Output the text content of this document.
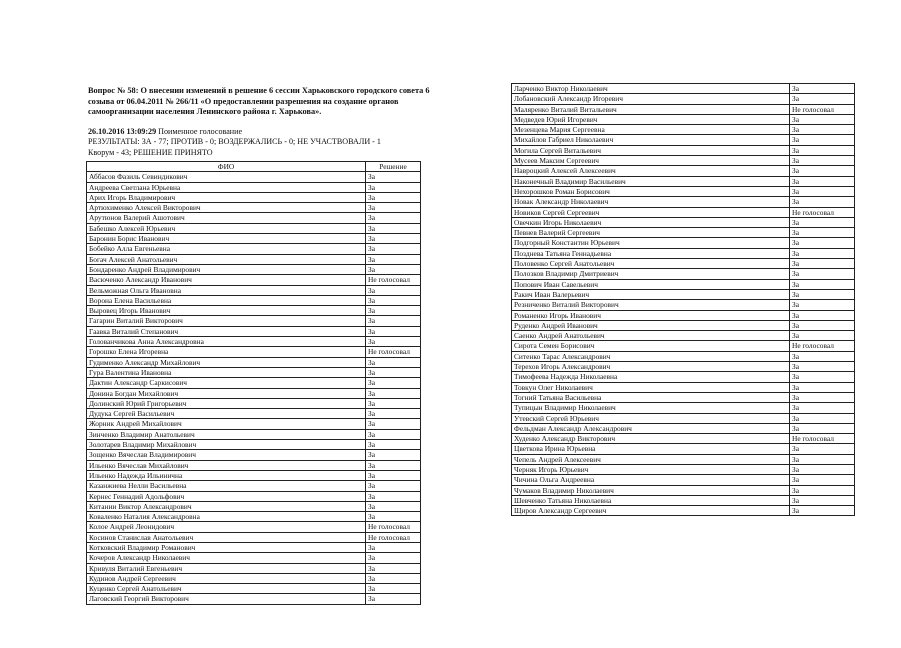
Вопрос № 58: О внесении изменений в решение 6 сессии Харьковского городского совета 6 созыва от 06.04.2011 № 266/11 «О предоставлении разрешения на создание органов самоорганизации населения Ленинского района г. Харькова».
26.10.2016 13:09:29 Поименное голосование
РЕЗУЛЬТАТЫ: ЗА - 77; ПРОТИВ - 0; ВОЗДЕРЖАЛИСЬ - 0; НЕ УЧАСТВОВАЛИ - 1
Кворум - 43; РЕШЕНИЕ ПРИНЯТО
ФИО	Решение
Аббасов Фазиль Севиндикович	За
Андреева Светлана Юрьевна	За
Арих Игорь Владимирович	За
Артюхименко Алексей Викторович	За
Арутюнов Валерий Ашотович	За
Бабешко Алексей Юрьевич	За
Баронин Борис Иванович	За
Бобейко Алла Евгеньевна	За
Богач Алексей Анатольевич	За
Бондаренко Андрей Владимирович	За
Васюченко Александр Иванович	Не голосовал
Вельможная Ольга Ивановна	За
Ворона Елена Васильевна	За
Выровец Игорь Иванович	За
Гагарин Виталий Викторович	За
Гаавка Виталий Степанович	За
Голованчикова Анна Александровна	За
Горошко Елена Игоревна	Не голосовал
Гудименко Александр Михайлович	За
Гура Валентина Ивановна	За
Дактин Александр Саркисович	За
Донина Богдан Михайлович	За
Долинский Юрий Григорьевич	За
Дудука Сергей Васильевич	За
Жорник Андрей Михайлович	За
Зинченко Владимир Анатольевич	За
Золотарев Владимир Михайлович	За
Зощенко Вячеслав Владимирович	За
Ильенко Вячеслав Михайлович	За
Ильенко Надежда Ильинична	За
Казанжиева Нелли Васильевна	За
Кернес Геннадий Адольфович	За
Китании Виктор Александрович	За
Коваленко Наталия Александровна	За
Колое Андрей Леонидович	Не голосовал
Косинов Станислав Анатольевич	Не голосовал
Котковский Владимир Романович	За
Кочеров Александр Николаевич	За
Кривуля Виталий Евгеньевич	За
Кудинов Андрей Сергеевич	За
Куценко Сергей Анатольевич	За
Лаговский Георгий Викторович	За
Ларченко Виктор Николаевич	За
Лобановский Александр Игоревич	За
Маляренко Виталий Витальевич	Не голосовал
Медведев Юрий Игоревич	За
Мезенцева Мария Сергеевна	За
Михайлов Габриел Николаевич	За
Могила Сергей Витальевич	За
Мусеев Максим Сергеевич	За
Навроцкий Алексей Алексеевич	За
Наконечный Владимир Васильевич	За
Нехорошков Роман Борисович	За
Новак Александр Николаевич	За
Новиков Сергей Сергеевич	Не голосовал
Овечкин Игорь Николаевич	За
Певнев Валерий Сергеевич	За
Подгорный Константин Юрьевич	За
Позднева Татьяна Геннадьевна	За
Половенко Сергей Анатольевич	За
Полозков Владимир Дмитриевич	За
Попович Иван Савельевич	За
Ракич Иван Валерьевич	За
Резниченко Виталий Викторович	За
Романенко Игорь Иванович	За
Руденко Андрей Иванович	За
Саенко Андрей Анатольевич	За
Сирота Семен Борисович	Не голосовал
Ситенко Тарас Александрович	За
Терехов Игорь Александрович	За
Тимофеева Надежда Николаевна	За
Товкун Олег Николаевич	За
Тогний Татьяна Васильевна	За
Тупицын Владимир Николаевич	За
Утевский Сергей Юрьевич	За
Фельдман Александр Александрович	За
Худенко Александр Викторович	Не голосовал
Цветкова Ирина Юрьевна	За
Чепель Андрей Алексеевич	За
Черняк Игорь Юрьевич	За
Чичина Ольга Андреевна	За
Чумаков Владимир Николаевич	За
Шевченко Татьяна Николаевна	За
Щиров Александр Сергеевич	За
